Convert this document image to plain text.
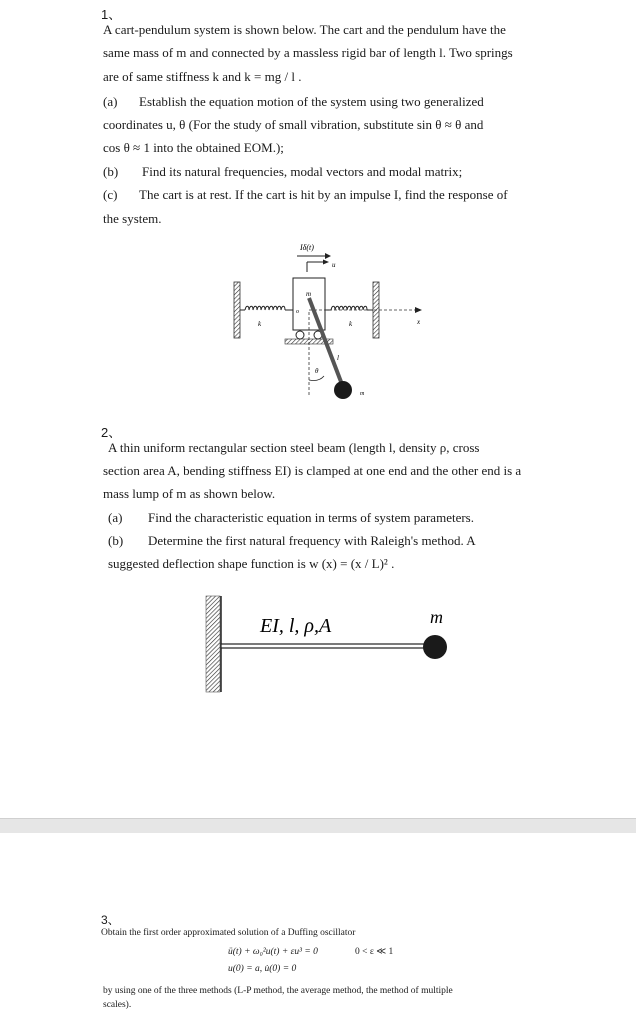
1、
A cart-pendulum system is shown below. The cart and the pendulum have the
same mass of m and connected by a massless rigid bar of length l. Two springs
are of same stiffness k and k = mg / l .
(a) Establish the equation motion of the system using two generalized
coordinates u, θ (For the study of small vibration, substitute sin θ ≈ θ and
cos θ ≈ 1 into the obtained EOM.);
(b) Find its natural frequencies, modal vectors and modal matrix;
(c) The cart is at rest. If the cart is hit by an impulse I, find the response of
the system.
Iδ(t)
u
k
m
o
k	x
l
θ
m
2、
A thin uniform rectangular section steel beam (length l, density ρ, cross
section area A, bending stiffness EI) is clamped at one end and the other end is a
mass lump of m as shown below.
(a) Find the characteristic equation in terms of system parameters.
(b) Determine the first natural frequency with Raleigh's method. A
suggested deflection shape function is w (x) = (x / L)² .
EI, l, ρ,A	m
3、
Obtain the first order approximated solution of a Duffing oscillator
ü(t) + ω₀²u(t) + εu³ = 0	0 < ε ≪ 1
u(0) = a, u̇(0) = 0
by using one of the three methods (L-P method, the average method, the method of multiple
scales).
